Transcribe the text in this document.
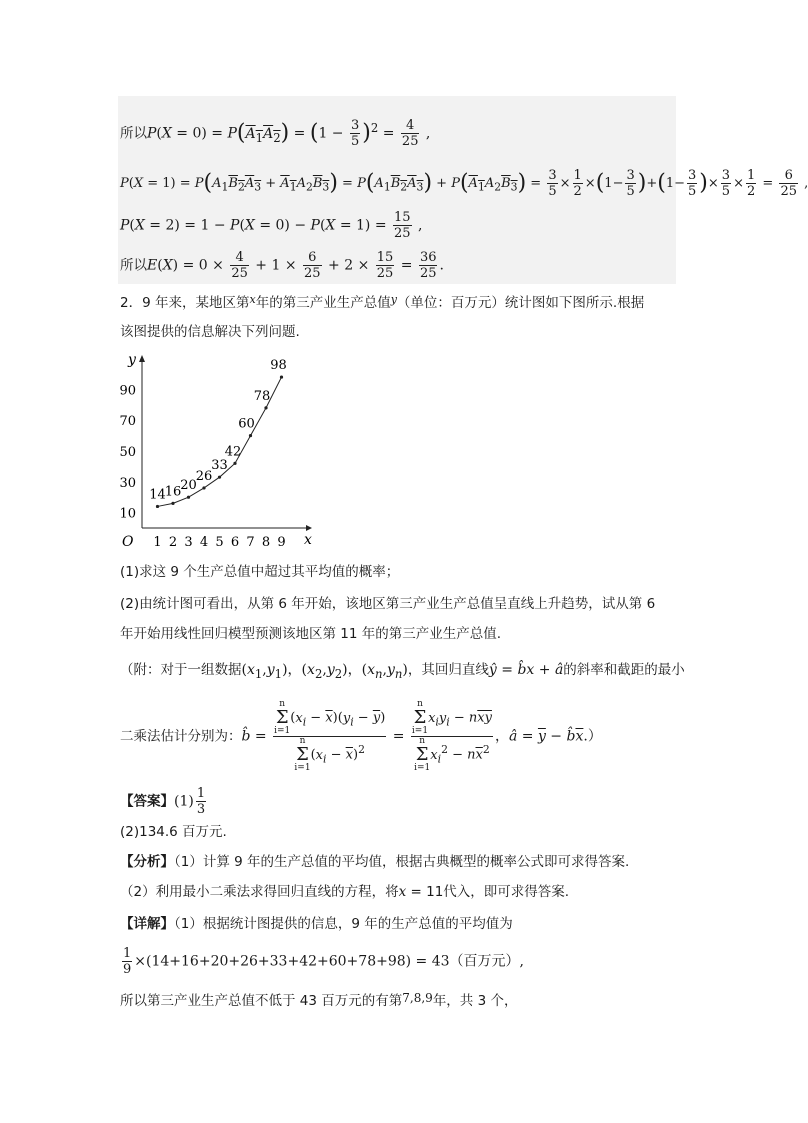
所以$P(X = 0) = P(A_1A_2) = (1 - \frac{3}{5} )^2 = \frac{4}{25}$ ,
$P(X = 1) = P(A_1B_2A_3 + A_1A_2B_3) = P(A_1B_2A_3) + P(A_1A_2B_3) = \frac{3}{5} \times \frac{1}{2} \times(1- \frac{3}{5} )+(1- \frac{3}{5}$ )× $\frac{3}{5} \times \frac{1}{2} = \frac{6}{25}$ ,
$P(X = 2) = 1 - P(X = 0) - P(X = 1) = \frac{15}{25}$ ,
所以$E(X) = 0 \times \frac{4}{25} + 1 \times \frac{6}{25} + 2 \times \frac{15}{25} = \frac{36}{25}$ .
2．9 年来，某地区第$^x$年的第三产业生产总值$^y$（单位：百万元）统计图如下图所示.根据
该图提供的信息解决下列问题.
x
y
O 1 2 3 4 5 6 7 8 9
10
30
50
70
90
14
16
20
26
33
42
60
78
98
(1)求这 9 个生产总值中超过其平均值的概率；
(2)由统计图可看出，从第 6 年开始，该地区第三产业生产总值呈直线上升趋势，试从第 6
年开始用线性回归模型预测该地区第 11 年的第三产业生产总值.
（附：对于一组数据$(x_1,y_1)$，$(x_2,y_2)$，$(x_n,y_n)$，其回归直线ŷ = b̂x + â的斜率和截距的最小
二乘法估计分别为：b̂ = n
Σ
$i=1(x_i - \overline{x})(y_i - \overline{y})$
n
Σ
$i=1(x_i - \overline{x})^2 = n$
Σ
$i=1x_iy_i - n\overline{xy}$
n
Σ
$i=1x_i^2 - n\overline{x}^2$ ，â = $\overline{y}$ − $b̂\overline{x}$.）
【答案】$(1) \frac{1}{3}$
(2)134.6 百万元.
【分析】（1）计算 9 年的生产总值的平均值，根据古典概型的概率公式即可求得答案.
（2）利用最小二乘法求得回归直线的方程，将x = 11代入，即可求得答案.
【详解】（1）根据统计图提供的信息，9 年的生产总值的平均值为
$\frac{1}{9} \times(14+16+20+26+33+42+60+78+98) = 43$（百万元）,
所以第三产业生产总值不低于 43 百万元的有第7,8,9年，共 3 个，
